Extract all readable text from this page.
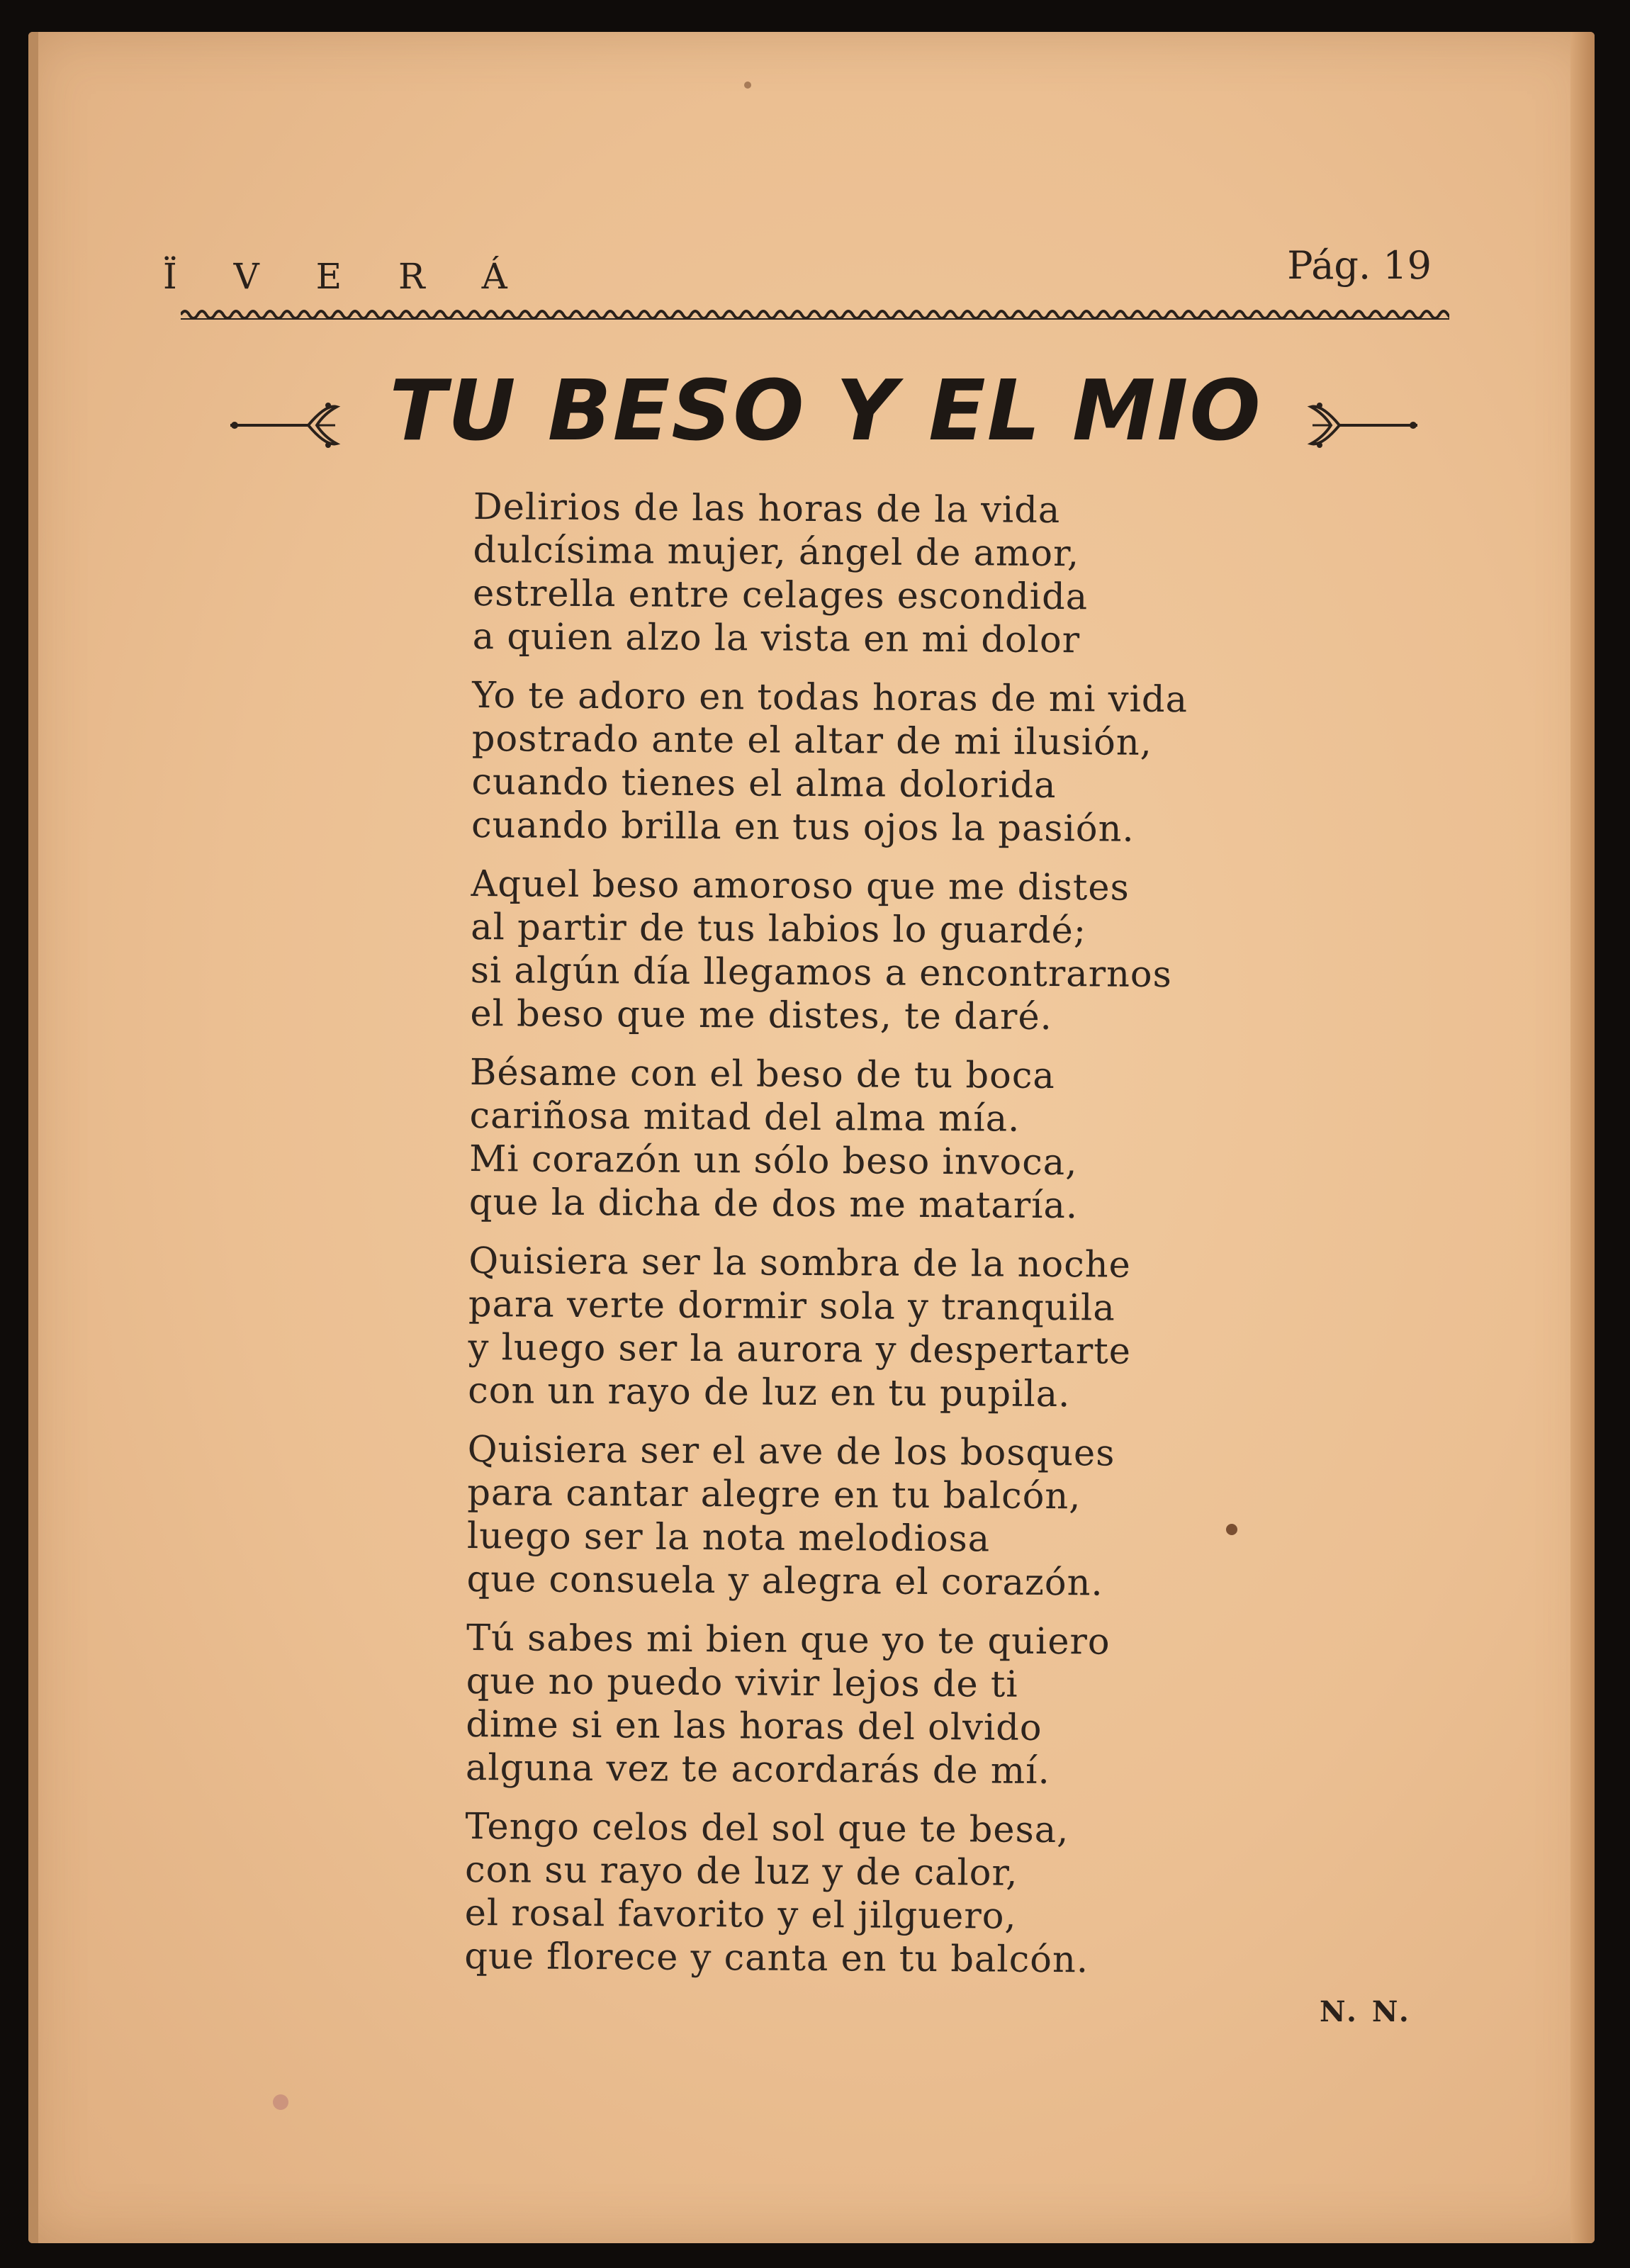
Ï V E R Á	Pág. 19
TU BESO Y EL MIO
Delirios de las horas de la vida
dulcísima mujer, ángel de amor,
estrella entre celages escondida
a quien alzo la vista en mi dolor
Yo te adoro en todas horas de mi vida
postrado ante el altar de mi ilusión,
cuando tienes el alma dolorida
cuando brilla en tus ojos la pasión.
Aquel beso amoroso que me distes
al partir de tus labios lo guardé;
si algún día llegamos a encontrarnos
el beso que me distes, te daré.
Bésame con el beso de tu boca
cariñosa mitad del alma mía.
Mi corazón un sólo beso invoca,
que la dicha de dos me mataría.
Quisiera ser la sombra de la noche
para verte dormir sola y tranquila
y luego ser la aurora y despertarte
con un rayo de luz en tu pupila.
Quisiera ser el ave de los bosques
para cantar alegre en tu balcón,
luego ser la nota melodiosa
que consuela y alegra el corazón.
Tú sabes mi bien que yo te quiero
que no puedo vivir lejos de ti
dime si en las horas del olvido
alguna vez te acordarás de mí.
Tengo celos del sol que te besa,
con su rayo de luz y de calor,
el rosal favorito y el jilguero,
que florece y canta en tu balcón.
N. N.
